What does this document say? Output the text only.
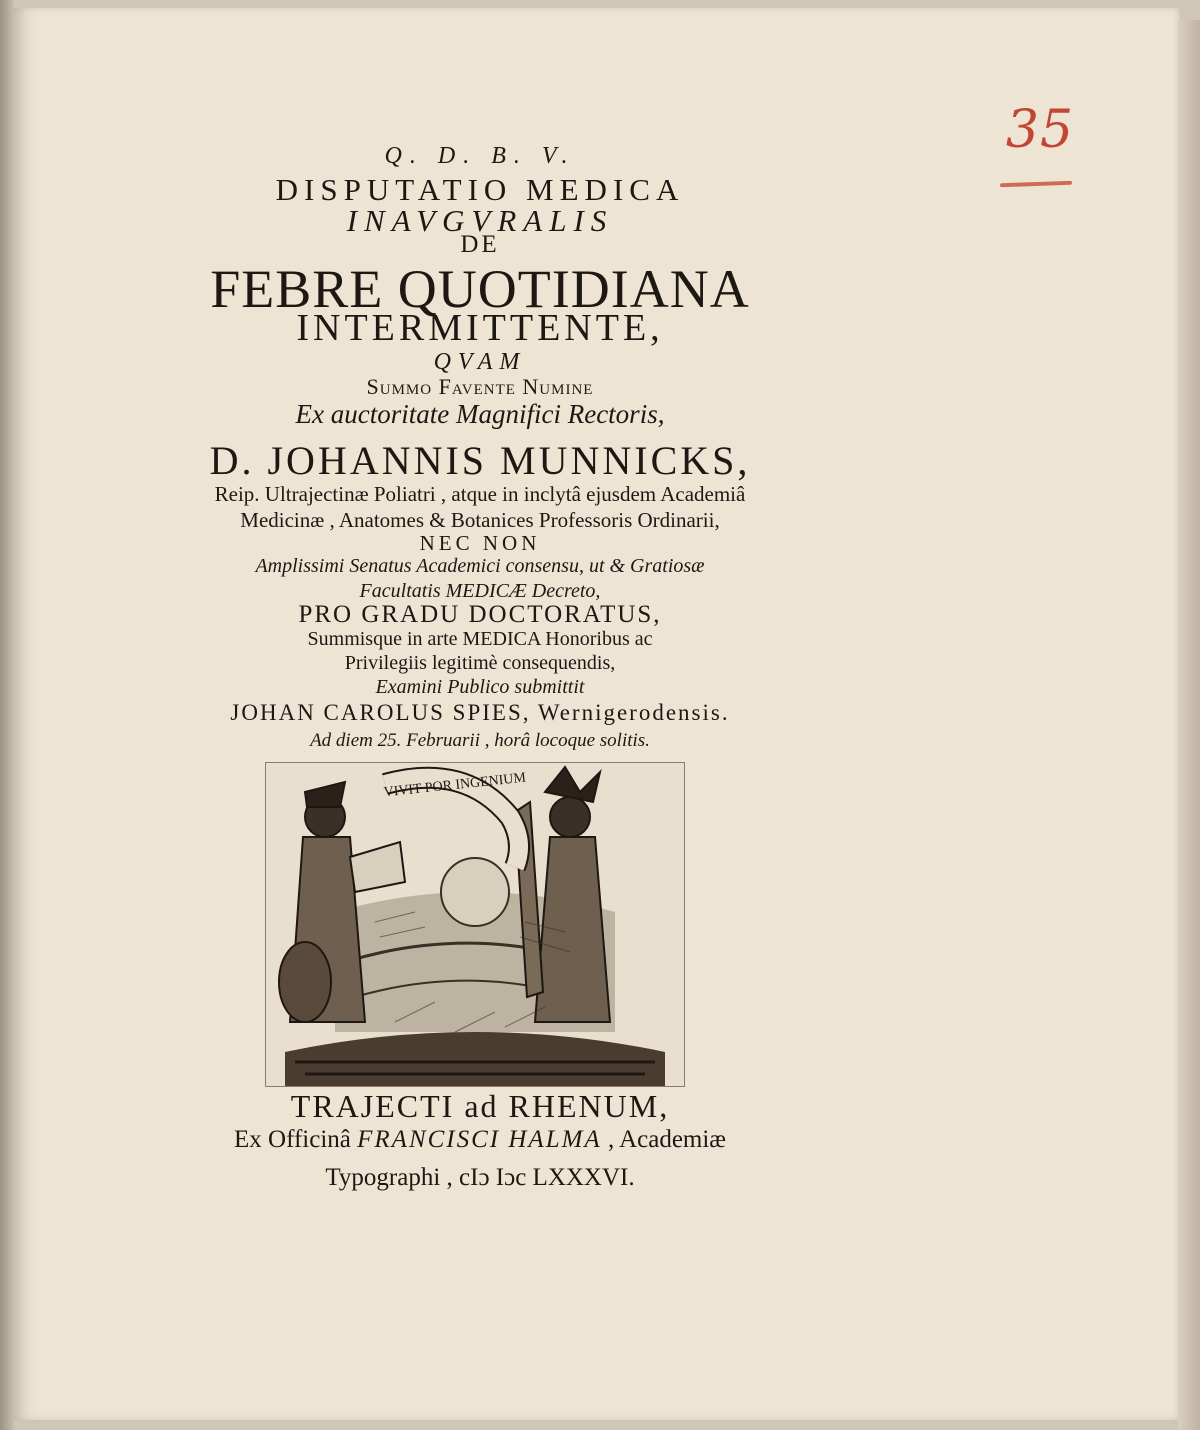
35
Q. D. B. V.
DISPUTATIO MEDICA
INAVGVRALIS
DE
FEBRE QUOTIDIANA
INTERMITTENTE,
QVAM
Summo Favente Numine
Ex auctoritate Magnifici Rectoris,
D. JOHANNIS MUNNICKS,
Reip. Ultrajectinæ Poliatri , atque in inclytâ ejusdem Academiâ
Medicinæ , Anatomes & Botanices Professoris Ordinarii,
NEC NON
Amplissimi Senatus Academici consensu, ut & Gratiosæ
Facultatis MEDICÆ Decreto,
PRO GRADU DOCTORATUS,
Summisque in arte MEDICA Honoribus ac
Privilegiis legitimè consequendis,
Examini Publico submittit
JOHAN CAROLUS SPIES, Wernigerodensis.
Ad diem 25. Februarii , horâ locoque solitis.
VIVIT POR INGENIUM
TRAJECTI ad RHENUM,
Ex Officinâ FRANCISCI HALMA , Academiæ
Typographi , cIɔ Iɔc LXXXVI.
